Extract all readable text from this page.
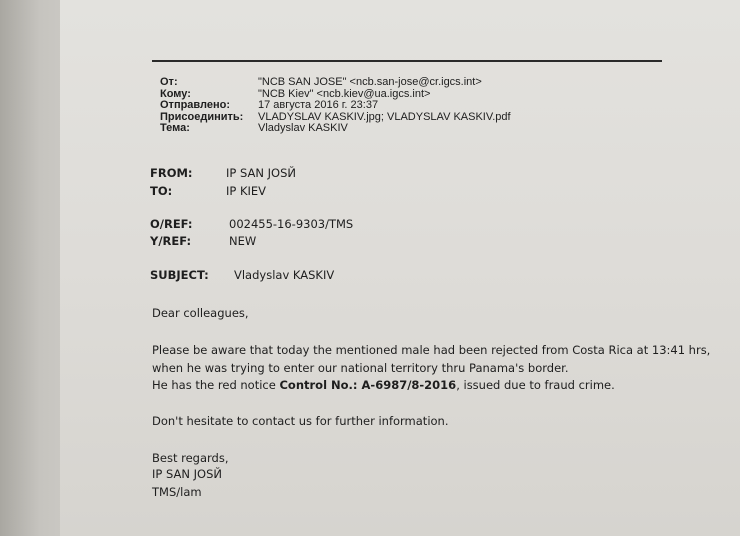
От:	"NCB SAN JOSE" <ncb.san-jose@cr.igcs.int>
Кому:	"NCB Kiev" <ncb.kiev@ua.igcs.int>
Отправлено:	17 августа 2016 г. 23:37
Присоединить:	VLADYSLAV KASKIV.jpg; VLADYSLAV KASKIV.pdf
Тема:	Vladyslav KASKIV
FROM:	IP SAN JOSЙ
TO:	IP KIEV
O/REF:	002455-16-9303/TMS
Y/REF:	NEW
SUBJECT: Vladyslav KASKIV
Dear colleagues,
Please be aware that today the mentioned male had been rejected from Costa Rica at 13:41 hrs,
when he was trying to enter our national territory thru Panama's border.
He has the red notice Control No.: A-6987/8-2016, issued due to fraud crime.
Don't hesitate to contact us for further information.
Best regards,
IP SAN JOSЙ
TMS/lam
